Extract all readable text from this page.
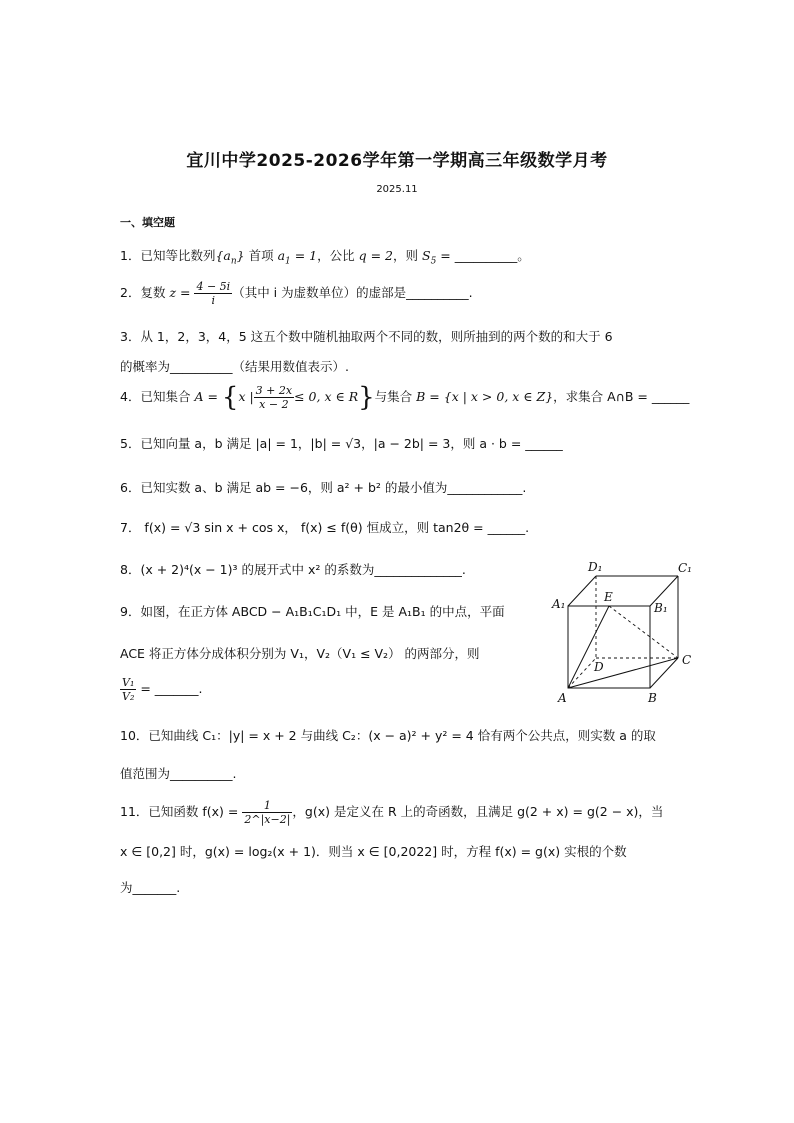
宜川中学2025-2026学年第一学期高三年级数学月考
2025.11
一、填空题
1．已知等比数列$\{a_n\}$ 首项 $a_1 = 1$，公比 q = 2，则 $S_5$ = __________。
2．复数 $z = \frac{4 - 5i}{i}$ （其中 i 为虚数单位）的虚部是__________.
3．从 1，2，3，4，5 这五个数中随机抽取两个不同的数，则所抽到的两个数的和大于 6
的概率为__________（结果用数值表示）.
4．已知集合 A = {x | $\frac{3 + 2x}{x - 2} \le 0$, x ∈ R}与集合 B = {x | x > 0, x ∈ Z}，求集合 A∩B = ______
5．已知向量 a，b 满足 |a| = 1，|b| = √3，|a − 2b| = 3，则 a · b = ______
6．已知实数 a、b 满足 ab = −6，则 a² + b² 的最小值为____________.
7． f(x) = √3 sin x + cos x， f(x) ≤ f(θ) 恒成立，则 tan2θ = ______.
8．(x + 2)⁴(x − 1)³ 的展开式中 x² 的系数为______________.
9．如图，在正方体 ABCD − A₁B₁C₁D₁ 中，E 是 A₁B₁ 的中点，平面
ACE 将正方体分成体积分别为 V₁，V₂（V₁ ≤ V₂） 的两部分，则
$\frac{\text{V₁}}{\text{V₂}}$ = _______.
A	B
C
D
A₁	B₁
C₁
D₁
E
10．已知曲线 C₁：|y| = x + 2 与曲线 C₂：(x − a)² + y² = 4 恰有两个公共点，则实数 a 的取
值范围为__________.
11．已知函数 $f(x) = \frac{1}{2\^{}|x-2|}$ ，g(x) 是定义在 R 上的奇函数，且满足 g(2 + x) = g(2 − x)，当
x ∈ [0,2] 时，g(x) = log₂(x + 1)．则当 x ∈ [0,2022] 时，方程 f(x) = g(x) 实根的个数
为_______.
